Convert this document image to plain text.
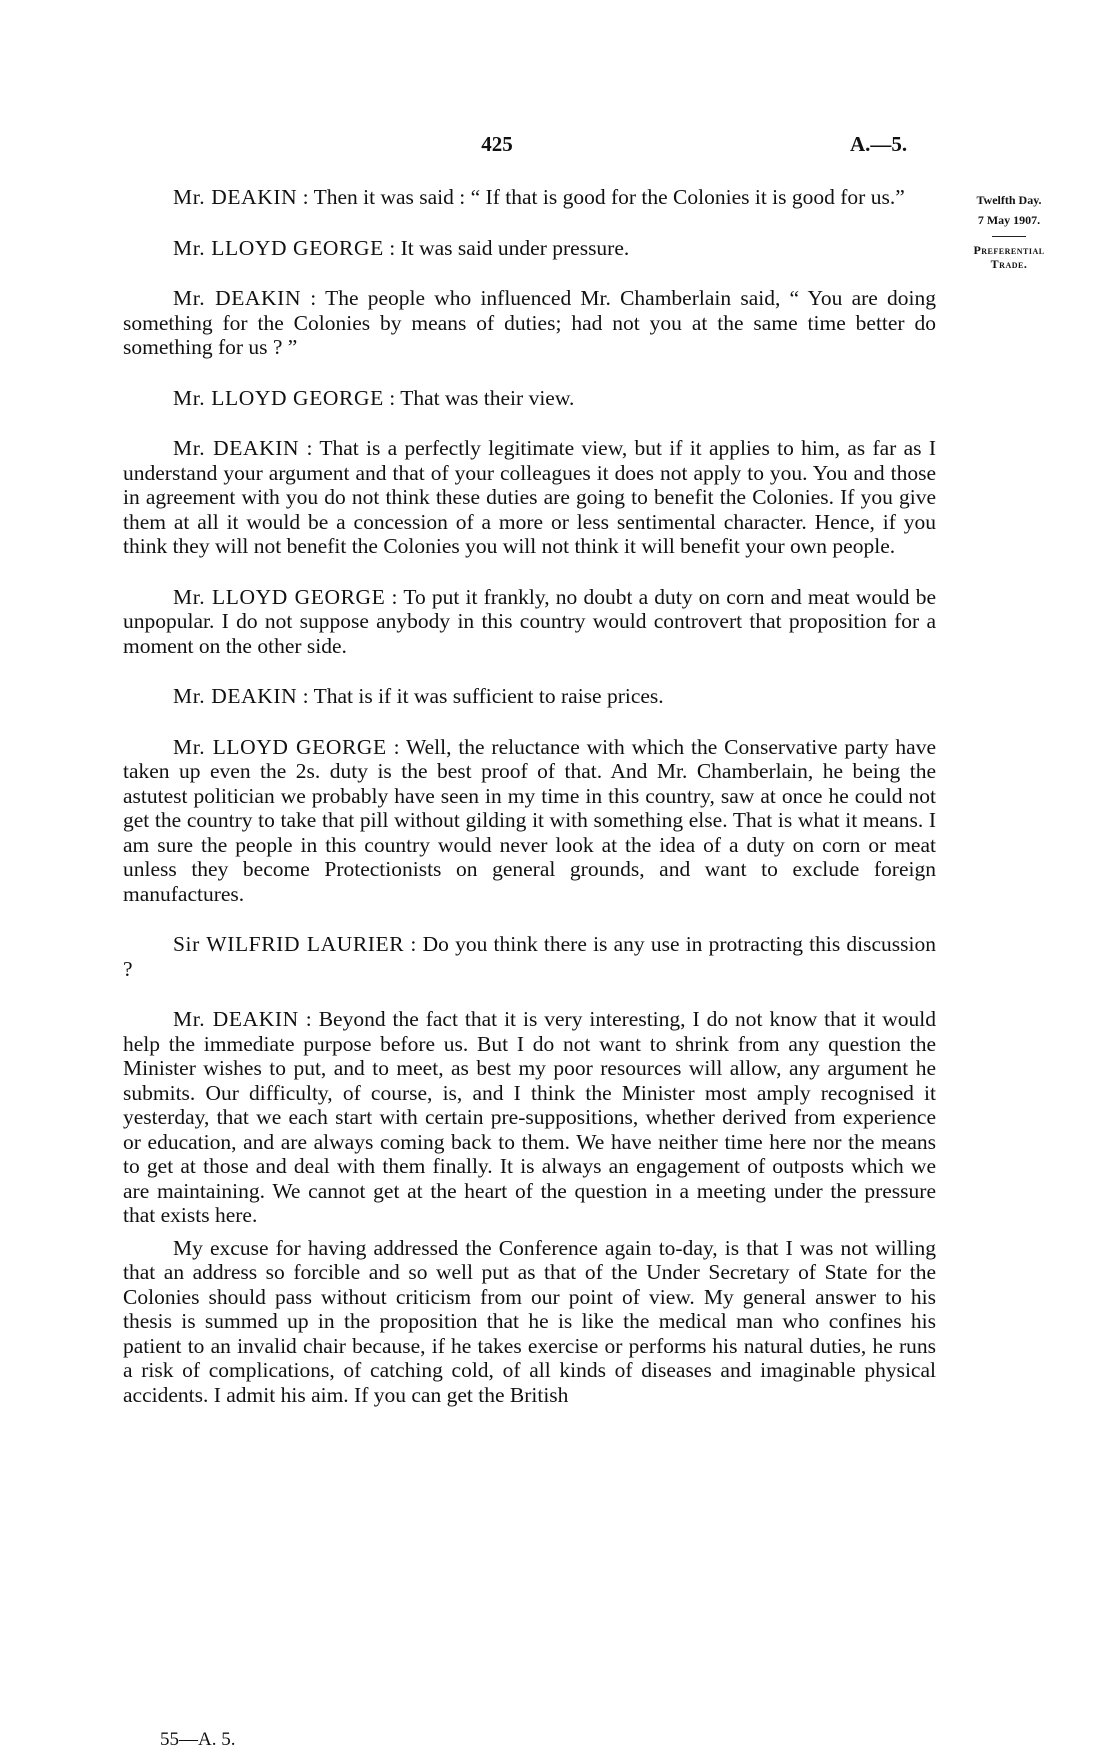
425	A.—5.
Twelfth Day.
7 May 1907.
Preferential
Trade.

Mr. DEAKIN : Then it was said : “ If that is good for the Colonies it is good for us.”

Mr. LLOYD GEORGE : It was said under pressure.

Mr. DEAKIN : The people who influenced Mr. Chamberlain said, “ You are doing something for the Colonies by means of duties; had not you at the same time better do something for us ? ”

Mr. LLOYD GEORGE : That was their view.

Mr. DEAKIN : That is a perfectly legitimate view, but if it applies to him, as far as I understand your argument and that of your colleagues it does not apply to you. You and those in agreement with you do not think these duties are going to benefit the Colonies. If you give them at all it would be a concession of a more or less sentimental character. Hence, if you think they will not benefit the Colonies you will not think it will benefit your own people.

Mr. LLOYD GEORGE : To put it frankly, no doubt a duty on corn and meat would be unpopular. I do not suppose anybody in this country would controvert that proposition for a moment on the other side.

Mr. DEAKIN : That is if it was sufficient to raise prices.

Mr. LLOYD GEORGE : Well, the reluctance with which the Conservative party have taken up even the 2s. duty is the best proof of that. And Mr. Chamberlain, he being the astutest politician we probably have seen in my time in this country, saw at once he could not get the country to take that pill without gilding it with something else. That is what it means. I am sure the people in this country would never look at the idea of a duty on corn or meat unless they become Protectionists on general grounds, and want to exclude foreign manufactures.

Sir WILFRID LAURIER : Do you think there is any use in protracting this discussion ?

Mr. DEAKIN : Beyond the fact that it is very interesting, I do not know that it would help the immediate purpose before us. But I do not want to shrink from any question the Minister wishes to put, and to meet, as best my poor resources will allow, any argument he submits. Our difficulty, of course, is, and I think the Minister most amply recognised it yesterday, that we each start with certain pre-suppositions, whether derived from experience or education, and are always coming back to them. We have neither time here nor the means to get at those and deal with them finally. It is always an engagement of outposts which we are maintaining. We cannot get at the heart of the question in a meeting under the pressure that exists here.

My excuse for having addressed the Conference again to-day, is that I was not willing that an address so forcible and so well put as that of the Under Secretary of State for the Colonies should pass without criticism from our point of view. My general answer to his thesis is summed up in the proposition that he is like the medical man who confines his patient to an invalid chair because, if he takes exercise or performs his natural duties, he runs a risk of complications, of catching cold, of all kinds of diseases and imaginable physical accidents. I admit his aim. If you can get the British

55—A. 5.
